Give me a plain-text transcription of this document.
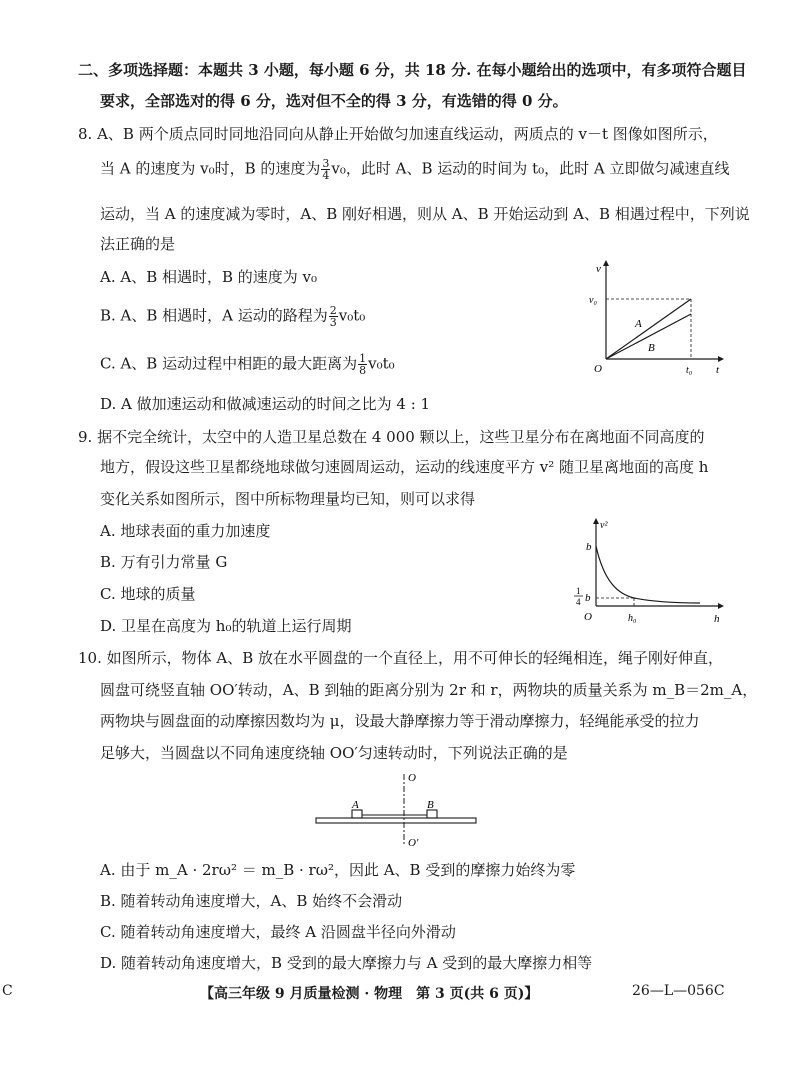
二、多项选择题：本题共 3 小题，每小题 6 分，共 18 分. 在每小题给出的选项中，有多项符合题目
要求，全部选对的得 6 分，选对但不全的得 3 分，有选错的得 0 分。
8. A、B 两个质点同时同地沿同向从静止开始做匀加速直线运动，两质点的 v－t 图像如图所示，
当 A 的速度为 v₀时，B 的速度为 $\frac{3}{4} v_0$，此时 A、B 运动的时间为 t₀，此时 A 立即做匀减速直线
运动，当 A 的速度减为零时，A、B 刚好相遇，则从 A、B 开始运动到 A、B 相遇过程中，下列说
法正确的是
A. A、B 相遇时，B 的速度为 v₀
B. A、B 相遇时，A 运动的路程为 $\frac{2}{3} v_0t_0$
C. A、B 运动过程中相距的最大距离为 $\frac{1}{8} v_0t_0$
D. A 做加速运动和做减速运动的时间之比为 4 : 1
v
t
O
v₀
t₀
A
B
9. 据不完全统计，太空中的人造卫星总数在 4 000 颗以上，这些卫星分布在离地面不同高度的
地方，假设这些卫星都绕地球做匀速圆周运动，运动的线速度平方 v² 随卫星离地面的高度 h
变化关系如图所示，图中所标物理量均已知，则可以求得
A. 地球表面的重力加速度
B. 万有引力常量 G
C. 地球的质量
D. 卫星在高度为 h₀的轨道上运行周期
v²
h
O
b
1
4 b
h₀
10. 如图所示，物体 A、B 放在水平圆盘的一个直径上，用不可伸长的轻绳相连，绳子刚好伸直，
圆盘可绕竖直轴 OO′转动，A、B 到轴的距离分别为 2r 和 r，两物块的质量关系为 m_B＝2m_A，
两物块与圆盘面的动摩擦因数均为 μ，设最大静摩擦力等于滑动摩擦力，轻绳能承受的拉力
足够大，当圆盘以不同角速度绕轴 OO′匀速转动时，下列说法正确的是
O
O′
A	B
A. 由于 m_A · 2rω² ＝ m_B · rω²，因此 A、B 受到的摩擦力始终为零
B. 随着转动角速度增大，A、B 始终不会滑动
C. 随着转动角速度增大，最终 A 沿圆盘半径向外滑动
D. 随着转动角速度增大，B 受到的最大摩擦力与 A 受到的最大摩擦力相等
C	【高三年级 9 月质量检测 · 物理　第 3 页(共 6 页)】	26—L—056C
